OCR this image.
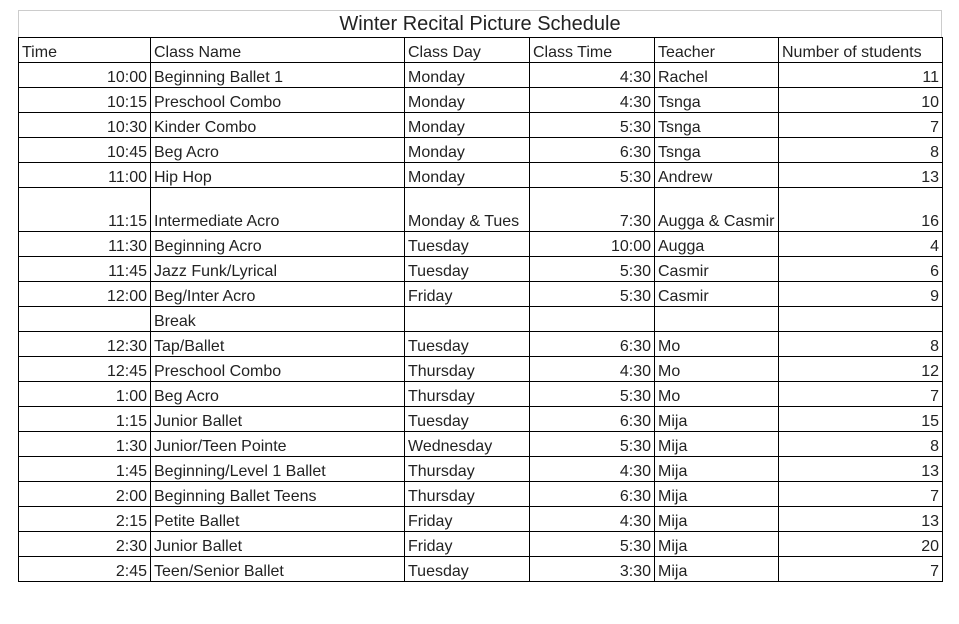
Winter Recital Picture Schedule
Time	Class Name	Class Day	Class Time	Teacher	Number of students
10:00	Beginning Ballet 1	Monday	4:30	Rachel	11
10:15	Preschool Combo	Monday	4:30	Tsnga	10
10:30	Kinder Combo	Monday	5:30	Tsnga	7
10:45	Beg Acro	Monday	6:30	Tsnga	8
11:00	Hip Hop	Monday	5:30	Andrew	13
11:15	Intermediate Acro	Monday & Tues	7:30	Augga & Casmir	16
11:30	Beginning Acro	Tuesday	10:00	Augga	4
11:45	Jazz Funk/Lyrical	Tuesday	5:30	Casmir	6
12:00	Beg/Inter Acro	Friday	5:30	Casmir	9
	Break				
12:30	Tap/Ballet	Tuesday	6:30	Mo	8
12:45	Preschool Combo	Thursday	4:30	Mo	12
1:00	Beg Acro	Thursday	5:30	Mo	7
1:15	Junior Ballet	Tuesday	6:30	Mija	15
1:30	Junior/Teen Pointe	Wednesday	5:30	Mija	8
1:45	Beginning/Level 1 Ballet	Thursday	4:30	Mija	13
2:00	Beginning Ballet Teens	Thursday	6:30	Mija	7
2:15	Petite Ballet	Friday	4:30	Mija	13
2:30	Junior Ballet	Friday	5:30	Mija	20
2:45	Teen/Senior Ballet	Tuesday	3:30	Mija	7
